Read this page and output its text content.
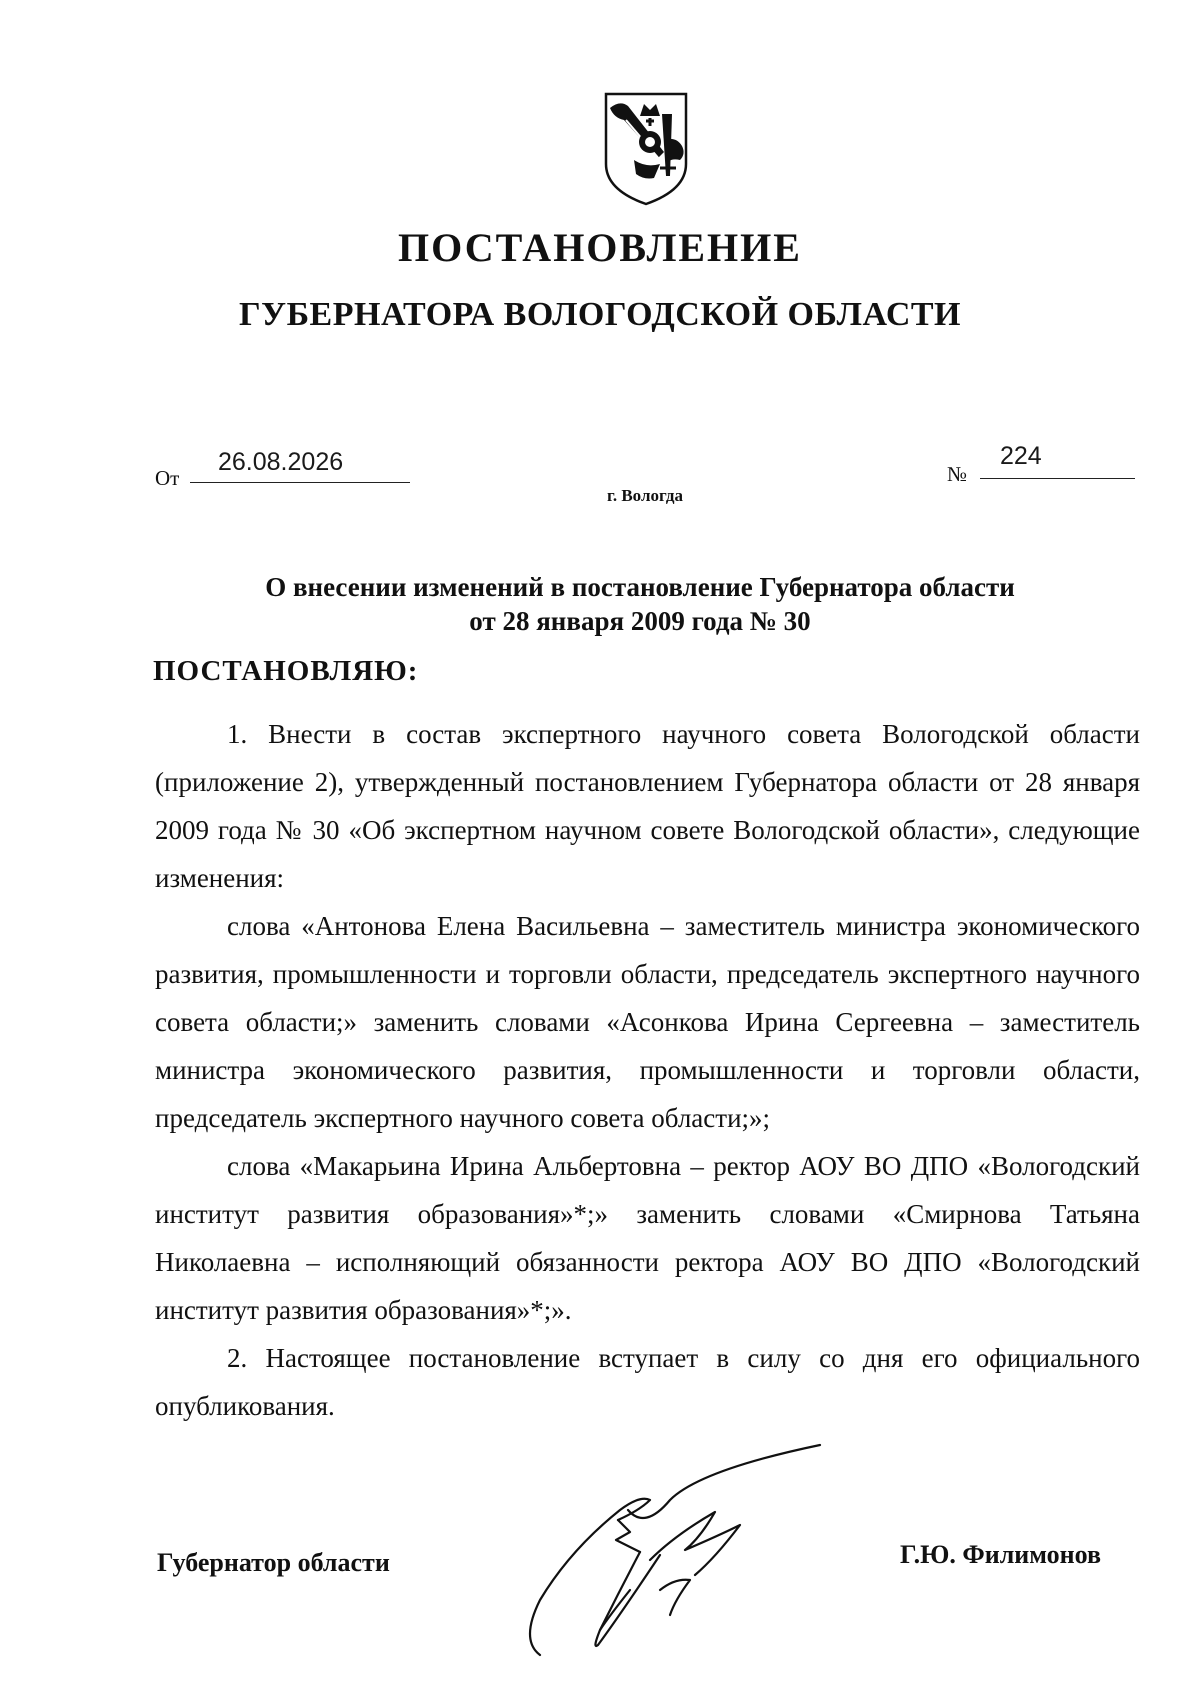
ПОСТАНОВЛЕНИЕ
ГУБЕРНАТОРА ВОЛОГОДСКОЙ ОБЛАСТИ
От
26.08.2026	№
224
г. Вологда
О внесении изменений в постановление Губернатора области
от 28 января 2009 года № 30
ПОСТАНОВЛЯЮ:
1. Внести в состав экспертного научного совета Вологодской области (приложение 2), утвержденный постановлением Губернатора области от 28 января 2009 года № 30 «Об экспертном научном совете Вологодской области», следующие изменения:
слова «Антонова Елена Васильевна – заместитель министра экономического развития, промышленности и торговли области, председатель экспертного научного совета области;» заменить словами «Асонкова Ирина Сергеевна – заместитель министра экономического развития, промышленности и торговли области, председатель экспертного научного совета области;»;
слова «Макарьина Ирина Альбертовна – ректор АОУ ВО ДПО «Вологодский институт развития образования»*;» заменить словами «Смирнова Татьяна Николаевна – исполняющий обязанности ректора АОУ ВО ДПО «Вологодский институт развития образования»*;».
2. Настоящее постановление вступает в силу со дня его официального опубликования.
Губернатор области	Г.Ю. Филимонов
